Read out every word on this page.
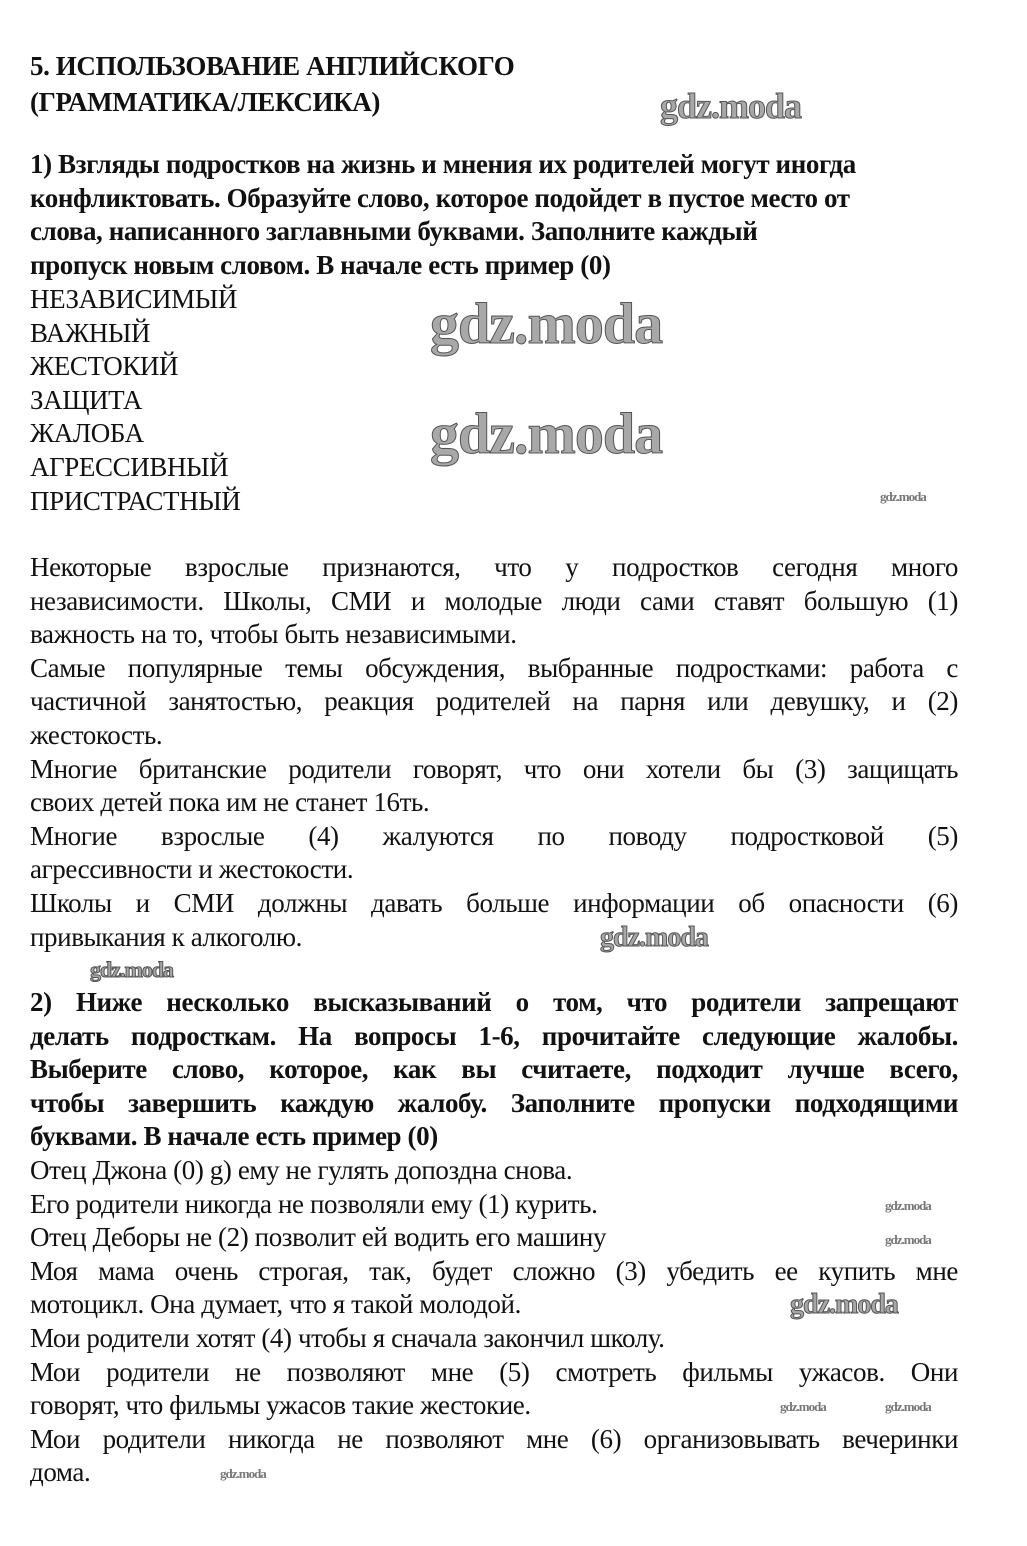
5. ИСПОЛЬЗОВАНИЕ АНГЛИЙСКОГО
(ГРАММАТИКА/ЛЕКСИКА)
1) Взгляды подростков на жизнь и мнения их родителей могут иногда
конфликтовать. Образуйте слово, которое подойдет в пустое место от
слова, написанного заглавными буквами. Заполните каждый
пропуск новым словом. В начале есть пример (0)
НЕЗАВИСИМЫЙ
ВАЖНЫЙ
ЖЕСТОКИЙ
ЗАЩИТА
ЖАЛОБА
АГРЕССИВНЫЙ
ПРИСТРАСТНЫЙ
Некоторые взрослые признаются, что у подростков сегодня много
независимости. Школы, СМИ и молодые люди сами ставят большую (1)
важность на то, чтобы быть независимыми.
Самые популярные темы обсуждения, выбранные подростками: работа с
частичной занятостью, реакция родителей на парня или девушку, и (2)
жестокость.
Многие британские родители говорят, что они хотели бы (3) защищать
своих детей пока им не станет 16ть.
Многие взрослые (4) жалуются по поводу подростковой (5)
агрессивности и жестокости.
Школы и СМИ должны давать больше информации об опасности (6)
привыкания к алкоголю.
2) Ниже несколько высказываний о том, что родители запрещают
делать подросткам. На вопросы 1-6, прочитайте следующие жалобы.
Выберите слово, которое, как вы считаете, подходит лучше всего,
чтобы завершить каждую жалобу. Заполните пропуски подходящими
буквами. В начале есть пример (0)
Отец Джона (0) g) ему не гулять допоздна снова.
Его родители никогда не позволяли ему (1) курить.
Отец Деборы не (2) позволит ей водить его машину
Моя мама очень строгая, так, будет сложно (3) убедить ее купить мне
мотоцикл. Она думает, что я такой молодой.
Мои родители хотят (4) чтобы я сначала закончил школу.
Мои родители не позволяют мне (5) смотреть фильмы ужасов. Они
говорят, что фильмы ужасов такие жестокие.
Мои родители никогда не позволяют мне (6) организовывать вечеринки
дома.
gdz.moda
gdz.moda
gdz.moda
gdz.moda
gdz.moda
gdz.moda
gdz.moda
gdz.moda
gdz.moda
gdz.moda	gdz.moda
gdz.moda
